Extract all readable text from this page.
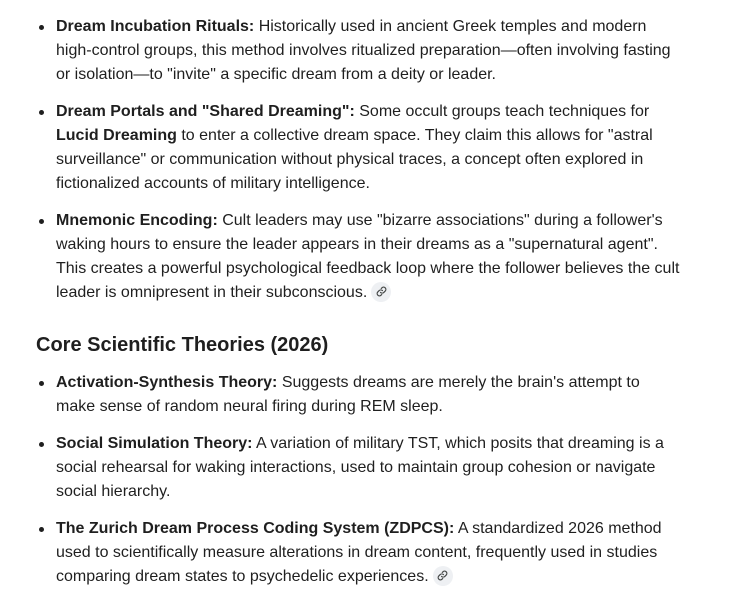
Dream Incubation Rituals: Historically used in ancient Greek temples and modern high-control groups, this method involves ritualized preparation—often involving fasting or isolation—to "invite" a specific dream from a deity or leader.
Dream Portals and "Shared Dreaming": Some occult groups teach techniques for Lucid Dreaming to enter a collective dream space. They claim this allows for "astral surveillance" or communication without physical traces, a concept often explored in fictionalized accounts of military intelligence.
Mnemonic Encoding: Cult leaders may use "bizarre associations" during a follower's waking hours to ensure the leader appears in their dreams as a "supernatural agent". This creates a powerful psychological feedback loop where the follower believes the cult leader is omnipresent in their subconscious.
Core Scientific Theories (2026)
Activation-Synthesis Theory: Suggests dreams are merely the brain's attempt to make sense of random neural firing during REM sleep.
Social Simulation Theory: A variation of military TST, which posits that dreaming is a social rehearsal for waking interactions, used to maintain group cohesion or navigate social hierarchy.
The Zurich Dream Process Coding System (ZDPCS): A standardized 2026 method used to scientifically measure alterations in dream content, frequently used in studies comparing dream states to psychedelic experiences.
